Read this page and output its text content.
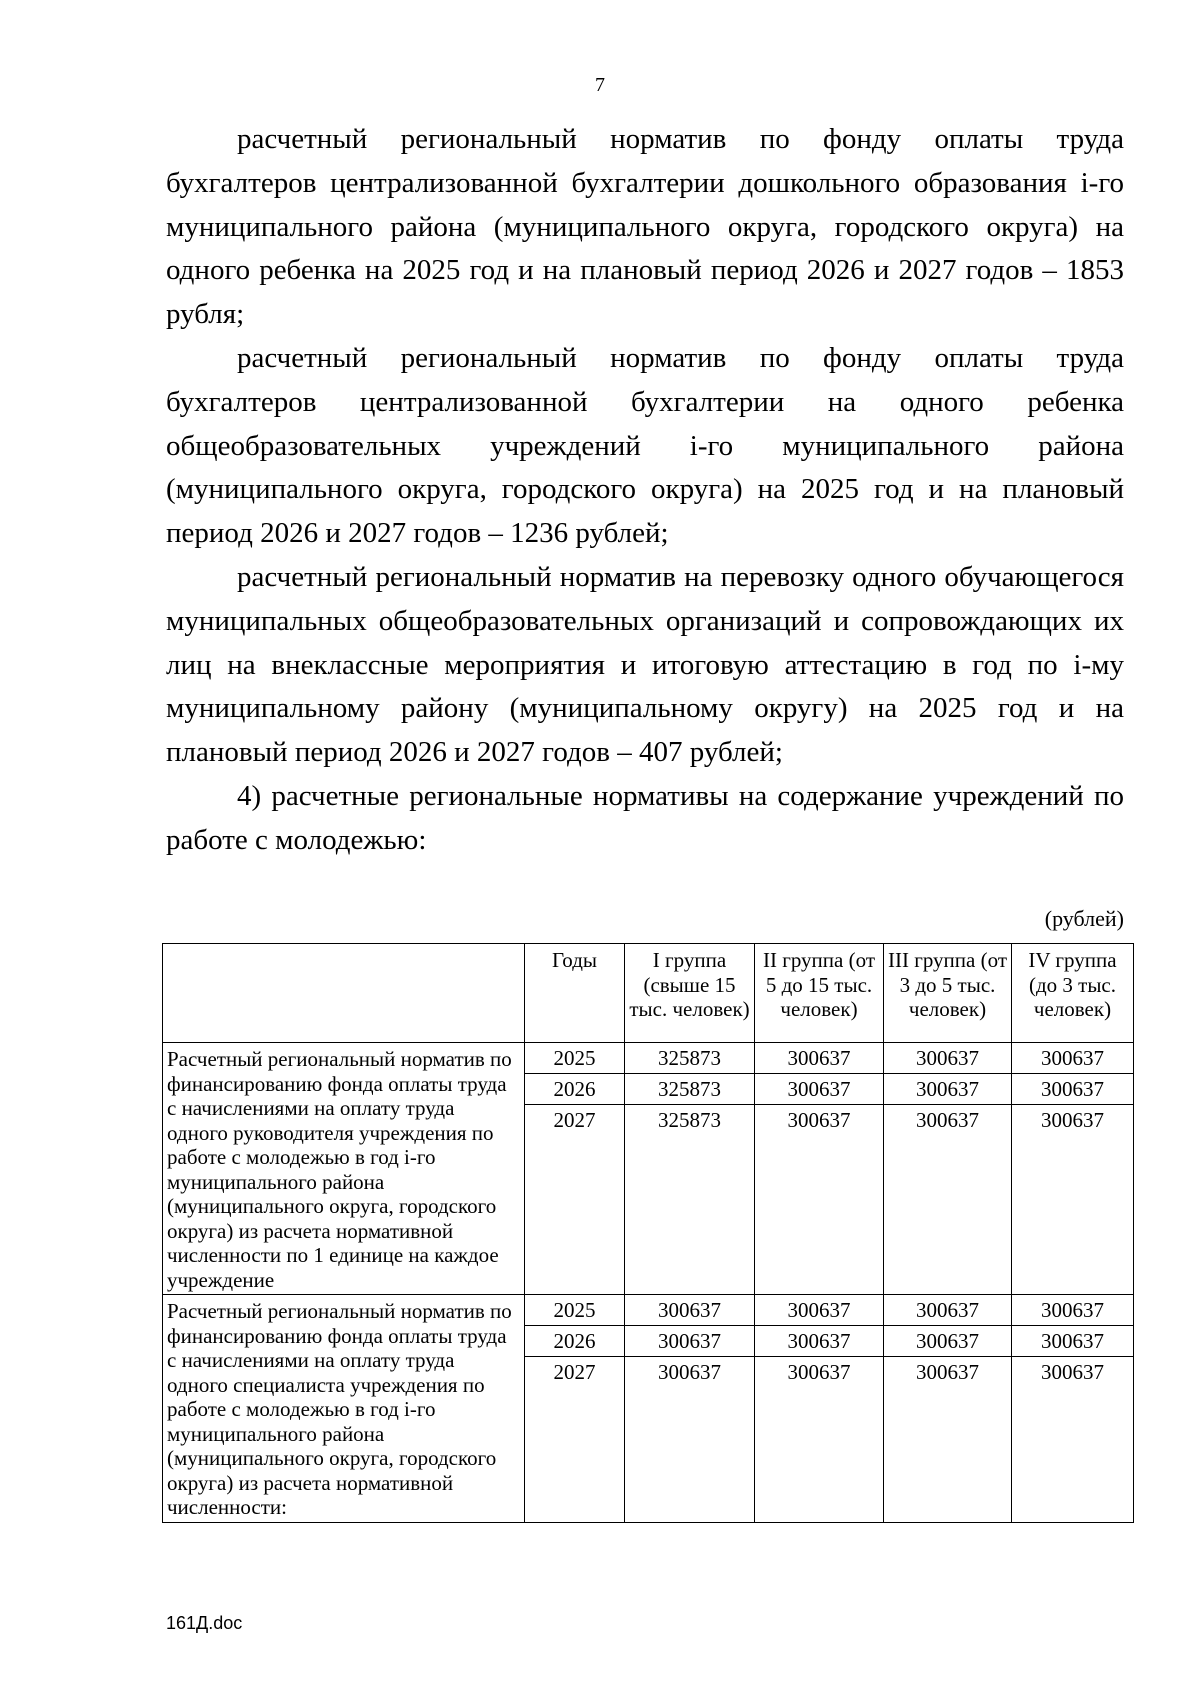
7

расчетный региональный норматив по фонду оплаты труда бухгалтеров централизованной бухгалтерии дошкольного образования i-го муниципального района (муниципального округа, городского округа) на одного ребенка на 2025 год и на плановый период 2026 и 2027 годов – 1853 рубля;

расчетный региональный норматив по фонду оплаты труда бухгалтеров централизованной бухгалтерии на одного ребенка общеобразовательных учреждений i-го муниципального района (муниципального округа, городского округа) на 2025 год и на плановый период 2026 и 2027 годов – 1236 рублей;

расчетный региональный норматив на перевозку одного обучающегося муниципальных общеобразовательных организаций и сопровождающих их лиц на внеклассные мероприятия и итоговую аттестацию в год по i-му муниципальному району (муниципальному округу) на 2025 год и на плановый период 2026 и 2027 годов – 407 рублей;

4) расчетные региональные нормативы на содержание учреждений по работе с молодежью:

(рублей)
	Годы	I группа (свыше 15 тыс. человек)	II группа (от 5 до 15 тыс. человек)	III группа (от 3 до 5 тыс. человек)	IV группа (до 3 тыс. человек)
Расчетный региональный норматив по финансированию фонда оплаты труда с начислениями на оплату труда одного руководителя учреждения по работе с молодежью в год i-го муниципального района (муниципального округа, городского округа) из расчета нормативной численности по 1 единице на каждое учреждение	2025	325873	300637	300637	300637
	2026	325873	300637	300637	300637
	2027	325873	300637	300637	300637
Расчетный региональный норматив по финансированию фонда оплаты труда с начислениями на оплату труда одного специалиста учреждения по работе с молодежью в год i-го муниципального района (муниципального округа, городского округа) из расчета нормативной численности:	2025	300637	300637	300637	300637
	2026	300637	300637	300637	300637
	2027	300637	300637	300637	300637
161Д.doc
